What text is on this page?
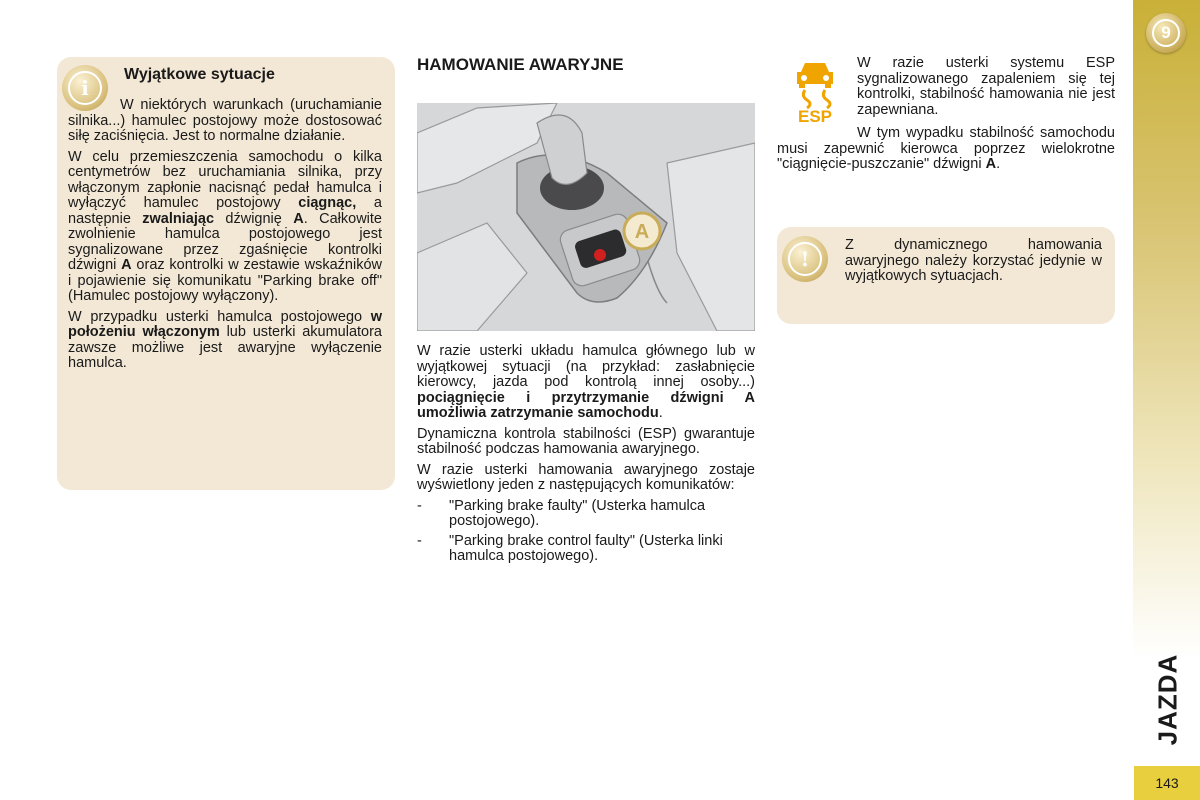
9
JAZDA
143
i
Wyjątkowe sytuacje

W niektórych warunkach (uruchamianie silnika...) hamulec postojowy może dostosować siłę zaciśnięcia. Jest to normalne działanie.

W celu przemieszczenia samochodu o kilka centymetrów bez uruchamiania silnika, przy włączonym zapłonie nacisnąć pedał hamulca i wyłączyć hamulec postojowy ciągnąc, a następnie zwalniając dźwignię A. Całkowite zwolnienie hamulca postojowego jest sygnalizowane przez zgaśnięcie kontrolki dźwigni A oraz kontrolki w zestawie wskaźników i pojawienie się komunikatu "Parking brake off" (Hamulec postojowy wyłączony).

W przypadku usterki hamulca postojowego w położeniu włączonym lub usterki akumulatora zawsze możliwe jest awaryjne wyłączenie hamulca.

HAMOWANIE AWARYJNE
A

W razie usterki układu hamulca głównego lub w wyjątkowej sytuacji (na przykład: zasłabnięcie kierowcy, jazda pod kontrolą innej osoby...) pociągnięcie i przytrzymanie dźwigni A umożliwia zatrzymanie samochodu.

Dynamiczna kontrola stabilności (ESP) gwarantuje stabilność podczas hamowania awaryjnego.

W razie usterki hamowania awaryjnego zostaje wyświetlony jeden z następujących komunikatów:

-	"Parking brake faulty" (Usterka hamulca postojowego).
-	"Parking brake control faulty" (Usterka linki hamulca postojowego).
ESP

W razie usterki systemu ESP sygnalizowanego zapaleniem się tej kontrolki, stabilność hamowania nie jest zapewniana.

W tym wypadku stabilność samochodu musi zapewnić kierowca poprzez wielokrotne "ciągnięcie-puszczanie" dźwigni A.

!

Z dynamicznego hamowania awaryjnego należy korzystać jedynie w wyjątkowych sytuacjach.
